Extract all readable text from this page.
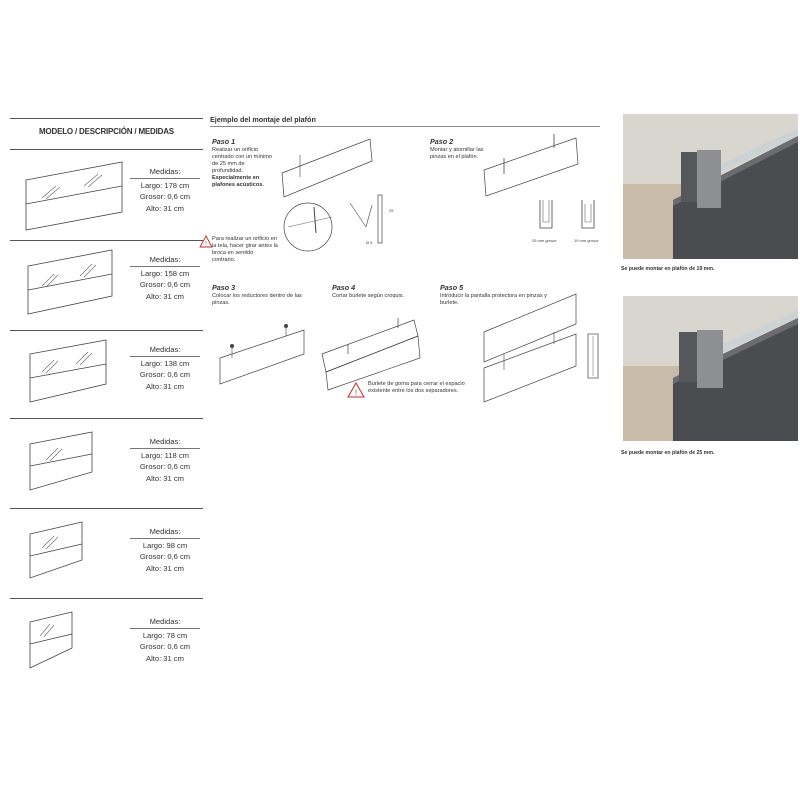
MODELO / DESCRIPCIÓN / MEDIDAS
Medidas:
Largo: 178 cm
Grosor: 0,6 cm
Alto: 31 cm
Medidas:
Largo: 158 cm
Grosor: 0,6 cm
Alto: 31 cm
Medidas:
Largo: 138 cm
Grosor: 0,6 cm
Alto: 31 cm
Medidas:
Largo: 118 cm
Grosor: 0,6 cm
Alto: 31 cm
Medidas:
Largo: 98 cm
Grosor: 0,6 cm
Alto: 31 cm
Medidas:
Largo: 78 cm
Grosor: 0,6 cm
Alto: 31 cm
Ejemplo del montaje del plafón
Paso 1
Realizar un orificio centrado con un mínimo de 25 mm de profundidad.
Especialmente en plafones acústicos.
!
Para realizar un orificio en la tela, hacer girar antes la broca en sentido contrario.
Ø 6
25
Paso 2
Montar y atornillar las pinzas en el plafón.
25 mm grosor	19 mm grosor
Paso 3
Colocar los reductores dentro de las pinzas.
Paso 4
Cortar burlete según croquis.
!
Burlete de goma para cerrar el espacio existente entre los dos separadores.
Paso 5
Introducir la pantalla protectora en pinzas y burlete.
Se puede montar en plafón de 19 mm.
Se puede montar en plafón de 25 mm.
